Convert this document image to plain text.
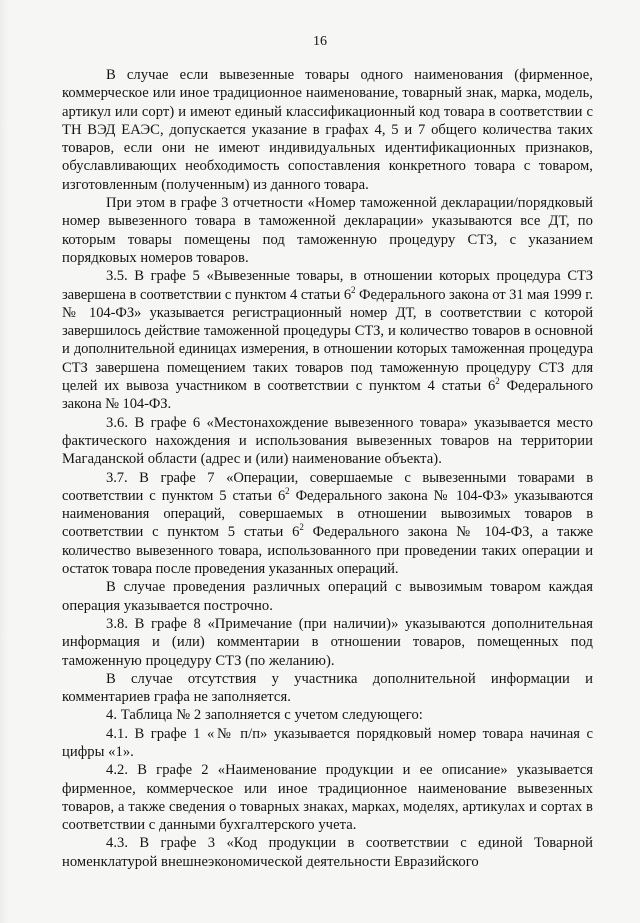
16

В случае если вывезенные товары одного наименования (фирменное, коммерческое или иное традиционное наименование, товарный знак, марка, модель, артикул или сорт) и имеют единый классификационный код товара в соответствии с ТН ВЭД ЕАЭС, допускается указание в графах 4, 5 и 7 общего количества таких товаров, если они не имеют индивидуальных идентификационных признаков, обуславливающих необходимость сопоставления конкретного товара с товаром, изготовленным (полученным) из данного товара.

При этом в графе 3 отчетности «Номер таможенной декларации/порядковый номер вывезенного товара в таможенной декларации» указываются все ДТ, по которым товары помещены под таможенную процедуру СТЗ, с указанием порядковых номеров товаров.

3.5. В графе 5 «Вывезенные товары, в отношении которых процедура СТЗ завершена в соответствии с пунктом 4 статьи $6^2$ Федерального закона от 31 мая 1999 г. № 104-ФЗ» указывается регистрационный номер ДТ, в соответствии с которой завершилось действие таможенной процедуры СТЗ, и количество товаров в основной и дополнительной единицах измерения, в отношении которых таможенная процедура СТЗ завершена помещением таких товаров под таможенную процедуру СТЗ для целей их вывоза участником в соответствии с пунктом 4 статьи $6^2$ Федерального закона № 104-ФЗ.

3.6. В графе 6 «Местонахождение вывезенного товара» указывается место фактического нахождения и использования вывезенных товаров на территории Магаданской области (адрес и (или) наименование объекта).

3.7. В графе 7 «Операции, совершаемые с вывезенными товарами в соответствии с пунктом 5 статьи $6^2$ Федерального закона № 104-ФЗ» указываются наименования операций, совершаемых в отношении вывозимых товаров в соответствии с пунктом 5 статьи $6^2$ Федерального закона № 104-ФЗ, а также количество вывезенного товара, использованного при проведении таких операции и остаток товара после проведения указанных операций.

В случае проведения различных операций с вывозимым товаром каждая операция указывается построчно.

3.8. В графе 8 «Примечание (при наличии)» указываются дополнительная информация и (или) комментарии в отношении товаров, помещенных под таможенную процедуру СТЗ (по желанию).

В случае отсутствия у участника дополнительной информации и комментариев графа не заполняется.

4. Таблица № 2 заполняется с учетом следующего:

4.1. В графе 1 «№ п/п» указывается порядковый номер товара начиная с цифры «1».

4.2. В графе 2 «Наименование продукции и ее описание» указывается фирменное, коммерческое или иное традиционное наименование вывезенных товаров, а также сведения о товарных знаках, марках, моделях, артикулах и сортах в соответствии с данными бухгалтерского учета.

4.3. В графе 3 «Код продукции в соответствии с единой Товарной номенклатурой внешнеэкономической деятельности Евразийского
